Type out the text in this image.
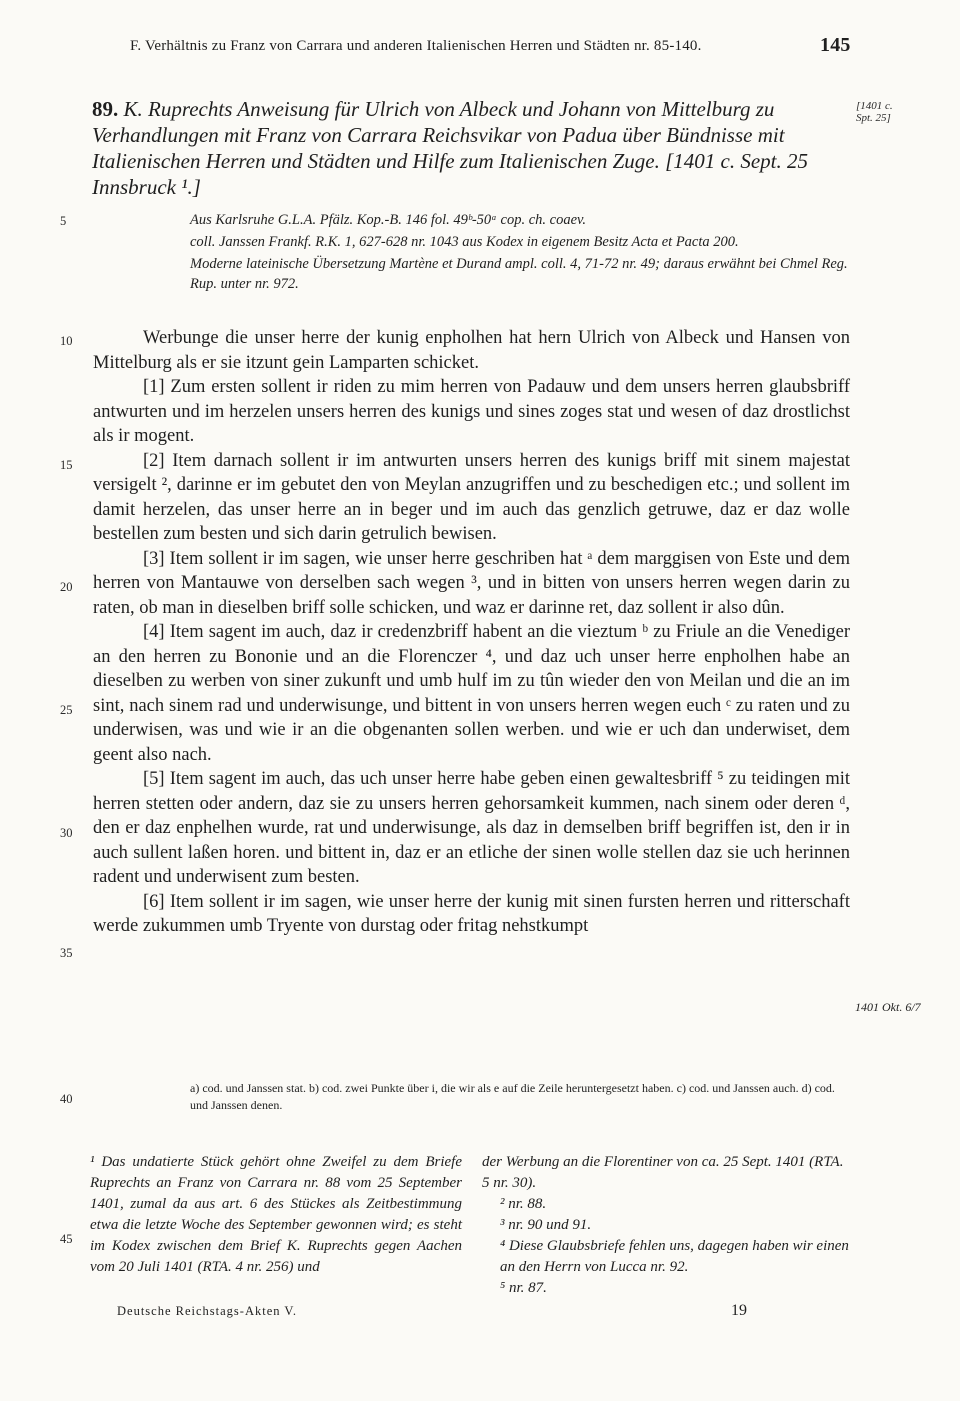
F. Verhältnis zu Franz von Carrara und anderen Italienischen Herren und Städten nr. 85-140.	145
89. K. Ruprechts Anweisung für Ulrich von Albeck und Johann von Mittelburg zu Verhandlungen mit Franz von Carrara Reichsvikar von Padua über Bündnisse mit Italienischen Herren und Städten und Hilfe zum Italienischen Zuge. [1401 c. Sept. 25 Innsbruck ¹.]
[1401 c. Spt. 25]

Aus Karlsruhe G.L.A. Pfälz. Kop.-B. 146 fol. 49ᵇ-50ᵃ cop. ch. coaev.

coll. Janssen Frankf. R.K. 1, 627-628 nr. 1043 aus Kodex in eigenem Besitz Acta et Pacta 200.

Moderne lateinische Übersetzung Martène et Durand ampl. coll. 4, 71-72 nr. 49; daraus erwähnt bei Chmel Reg. Rup. unter nr. 972.

Werbunge die unser herre der kunig enpholhen hat hern Ulrich von Albeck und Hansen von Mittelburg als er sie itzunt gein Lamparten schicket.

[1] Zum ersten sollent ir riden zu mim herren von Padauw und dem unsers herren glaubsbriff antwurten und im herzelen unsers herren des kunigs und sines zoges stat und wesen of daz drostlichst als ir mogent.

[2] Item darnach sollent ir im antwurten unsers herren des kunigs briff mit sinem majestat versigelt ², darinne er im gebutet den von Meylan anzugriffen und zu beschedigen etc.; und sollent im damit herzelen, das unser herre an in beger und im auch das genzlich getruwe, daz er daz wolle bestellen zum besten und sich darin getrulich bewisen.

[3] Item sollent ir im sagen, wie unser herre geschriben hat ᵃ dem marggisen von Este und dem herren von Mantauwe von derselben sach wegen ³, und in bitten von unsers herren wegen darin zu raten, ob man in dieselben briff solle schicken, und waz er darinne ret, daz sollent ir also dûn.

[4] Item sagent im auch, daz ir credenzbriff habent an die vieztum ᵇ zu Friule an die Venediger an den herren zu Bononie und an die Florenczer ⁴, und daz uch unser herre enpholhen habe an dieselben zu werben von siner zukunft und umb hulf im zu tûn wieder den von Meilan und die an im sint, nach sinem rad und underwisunge, und bittent in von unsers herren wegen euch ᶜ zu raten und zu underwisen, was und wie ir an die obgenanten sollen werben. und wie er uch dan underwiset, dem geent also nach.

[5] Item sagent im auch, das uch unser herre habe geben einen gewaltesbriff ⁵ zu teidingen mit herren stetten oder andern, daz sie zu unsers herren gehorsamkeit kummen, nach sinem oder deren ᵈ, den er daz enphelhen wurde, rat und underwisunge, als daz in demselben briff begriffen ist, den ir in auch sullent laßen horen. und bittent in, daz er an etliche der sinen wolle stellen daz sie uch herinnen radent und underwisent zum besten.

[6] Item sollent ir im sagen, wie unser herre der kunig mit sinen fursten herren und ritterschaft werde zukummen umb Tryente von durstag oder fritag nehstkumpt

1401 Okt. 6/7
a) cod. und Janssen stat. b) cod. zwei Punkte über i, die wir als e auf die Zeile heruntergesetzt haben. c) cod. und Janssen auch. d) cod. und Janssen denen.

¹ Das undatierte Stück gehört ohne Zweifel zu dem Briefe Ruprechts an Franz von Carrara nr. 88 vom 25 September 1401, zumal da aus art. 6 des Stückes als Zeitbestimmung etwa die letzte Woche des September gewonnen wird; es steht im Kodex zwischen dem Brief K. Ruprechts gegen Aachen vom 20 Juli 1401 (RTA. 4 nr. 256) und

der Werbung an die Florentiner von ca. 25 Sept. 1401 (RTA. 5 nr. 30).

² nr. 88.

³ nr. 90 und 91.

⁴ Diese Glaubsbriefe fehlen uns, dagegen haben wir einen an den Herrn von Lucca nr. 92.

⁵ nr. 87.

Deutsche Reichstags-Akten V.	19
5
10
15
20
25
30
35
40
45
